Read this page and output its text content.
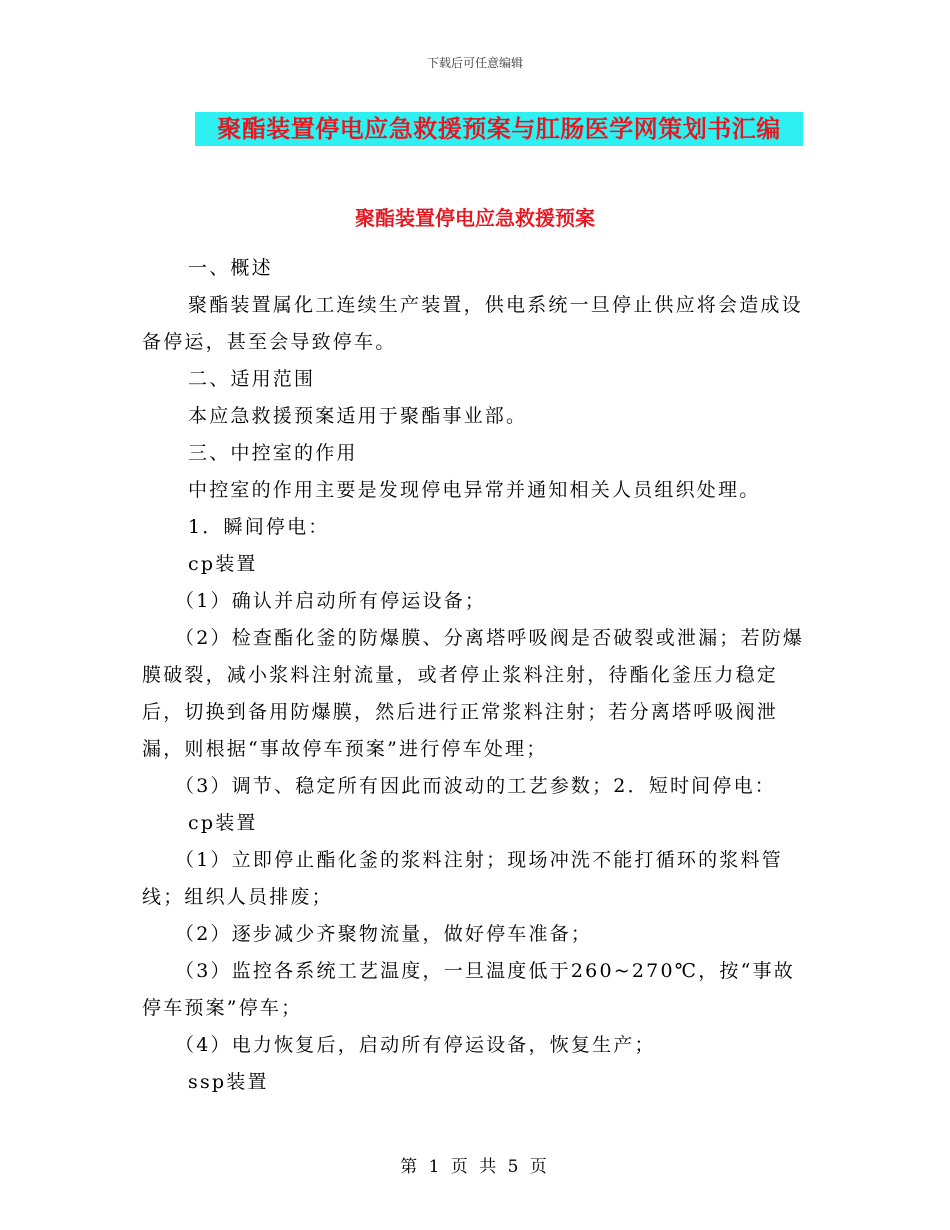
下载后可任意编辑
聚酯装置停电应急救援预案与肛肠医学网策划书汇编
聚酯装置停电应急救援预案

一、概述

聚酯装置属化工连续生产装置，供电系统一旦停止供应将会造成设备停运，甚至会导致停车。

二、适用范围

本应急救援预案适用于聚酯事业部。

三、中控室的作用

中控室的作用主要是发现停电异常并通知相关人员组织处理。

1．瞬间停电：

cp装置

（1）确认并启动所有停运设备；

（2）检查酯化釜的防爆膜、分离塔呼吸阀是否破裂或泄漏；若防爆膜破裂，减小浆料注射流量，或者停止浆料注射，待酯化釜压力稳定后，切换到备用防爆膜，然后进行正常浆料注射；若分离塔呼吸阀泄漏，则根据“事故停车预案”进行停车处理；

（3）调节、稳定所有因此而波动的工艺参数；2．短时间停电：

cp装置

（1）立即停止酯化釜的浆料注射；现场冲洗不能打循环的浆料管线；组织人员排废；

（2）逐步减少齐聚物流量，做好停车准备；

（3）监控各系统工艺温度，一旦温度低于260~270℃，按“事故停车预案”停车；

（4）电力恢复后，启动所有停运设备，恢复生产；

ssp装置

第 1 页 共 5 页
